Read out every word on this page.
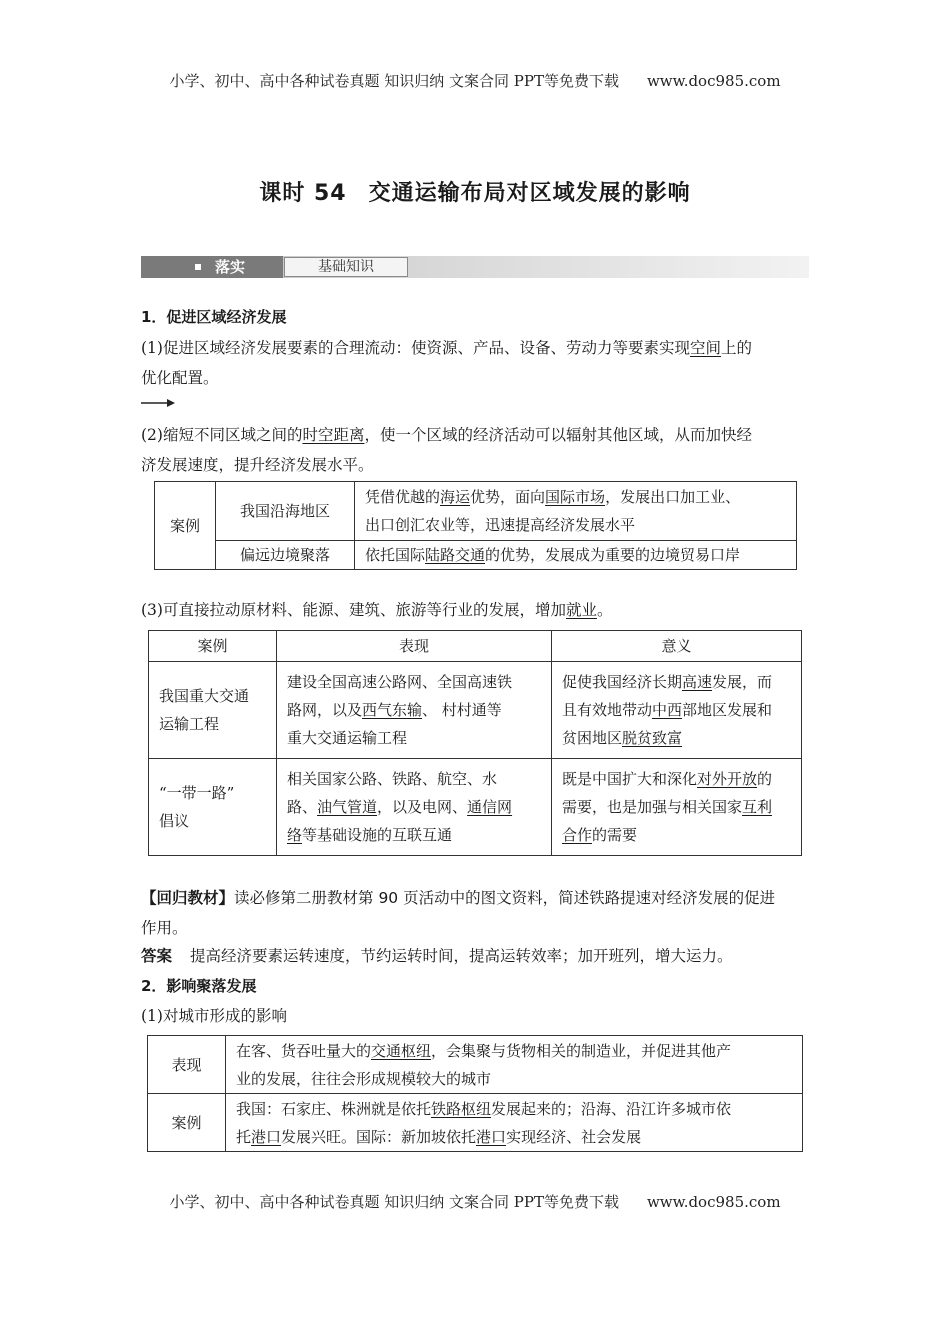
小学、初中、高中各种试卷真题 知识归纳 文案合同 PPT等免费下载 www.doc985.com
课时 54 交通运输布局对区域发展的影响
落实	基础知识
1．促进区域经济发展
(1)促进区域经济发展要素的合理流动：使资源、产品、设备、劳动力等要素实现空间上的
优化配置。
(2)缩短不同区域之间的时空距离，使一个区域的经济活动可以辐射其他区域，从而加快经
济发展速度，提升经济发展水平。
案例	我国沿海地区	凭借优越的海运优势，面向国际市场，发展出口加工业、
出口创汇农业等，迅速提高经济发展水平
	偏远边境聚落	依托国际陆路交通的优势，发展成为重要的边境贸易口岸
(3)可直接拉动原材料、能源、建筑、旅游等行业的发展，增加就业。
案例	表现	意义
我国重大交通
运输工程	建设全国高速公路网、全国高速铁
路网，以及西气东输、 村村通等
重大交通运输工程	促使我国经济长期高速发展，而
且有效地带动中西部地区发展和
贫困地区脱贫致富
“一带一路”
倡议	相关国家公路、铁路、航空、水
路、油气管道，以及电网、通信网
络等基础设施的互联互通	既是中国扩大和深化对外开放的
需要，也是加强与相关国家互利
合作的需要
【回归教材】读必修第二册教材第 90 页活动中的图文资料，简述铁路提速对经济发展的促进
作用。
答案 提高经济要素运转速度，节约运转时间，提高运转效率；加开班列，增大运力。
2．影响聚落发展
(1)对城市形成的影响
表现	在客、货吞吐量大的交通枢纽，会集聚与货物相关的制造业，并促进其他产
业的发展，往往会形成规模较大的城市
案例	我国：石家庄、株洲就是依托铁路枢纽发展起来的；沿海、沿江许多城市依
托港口发展兴旺。国际：新加坡依托港口实现经济、社会发展
小学、初中、高中各种试卷真题 知识归纳 文案合同 PPT等免费下载 www.doc985.com
